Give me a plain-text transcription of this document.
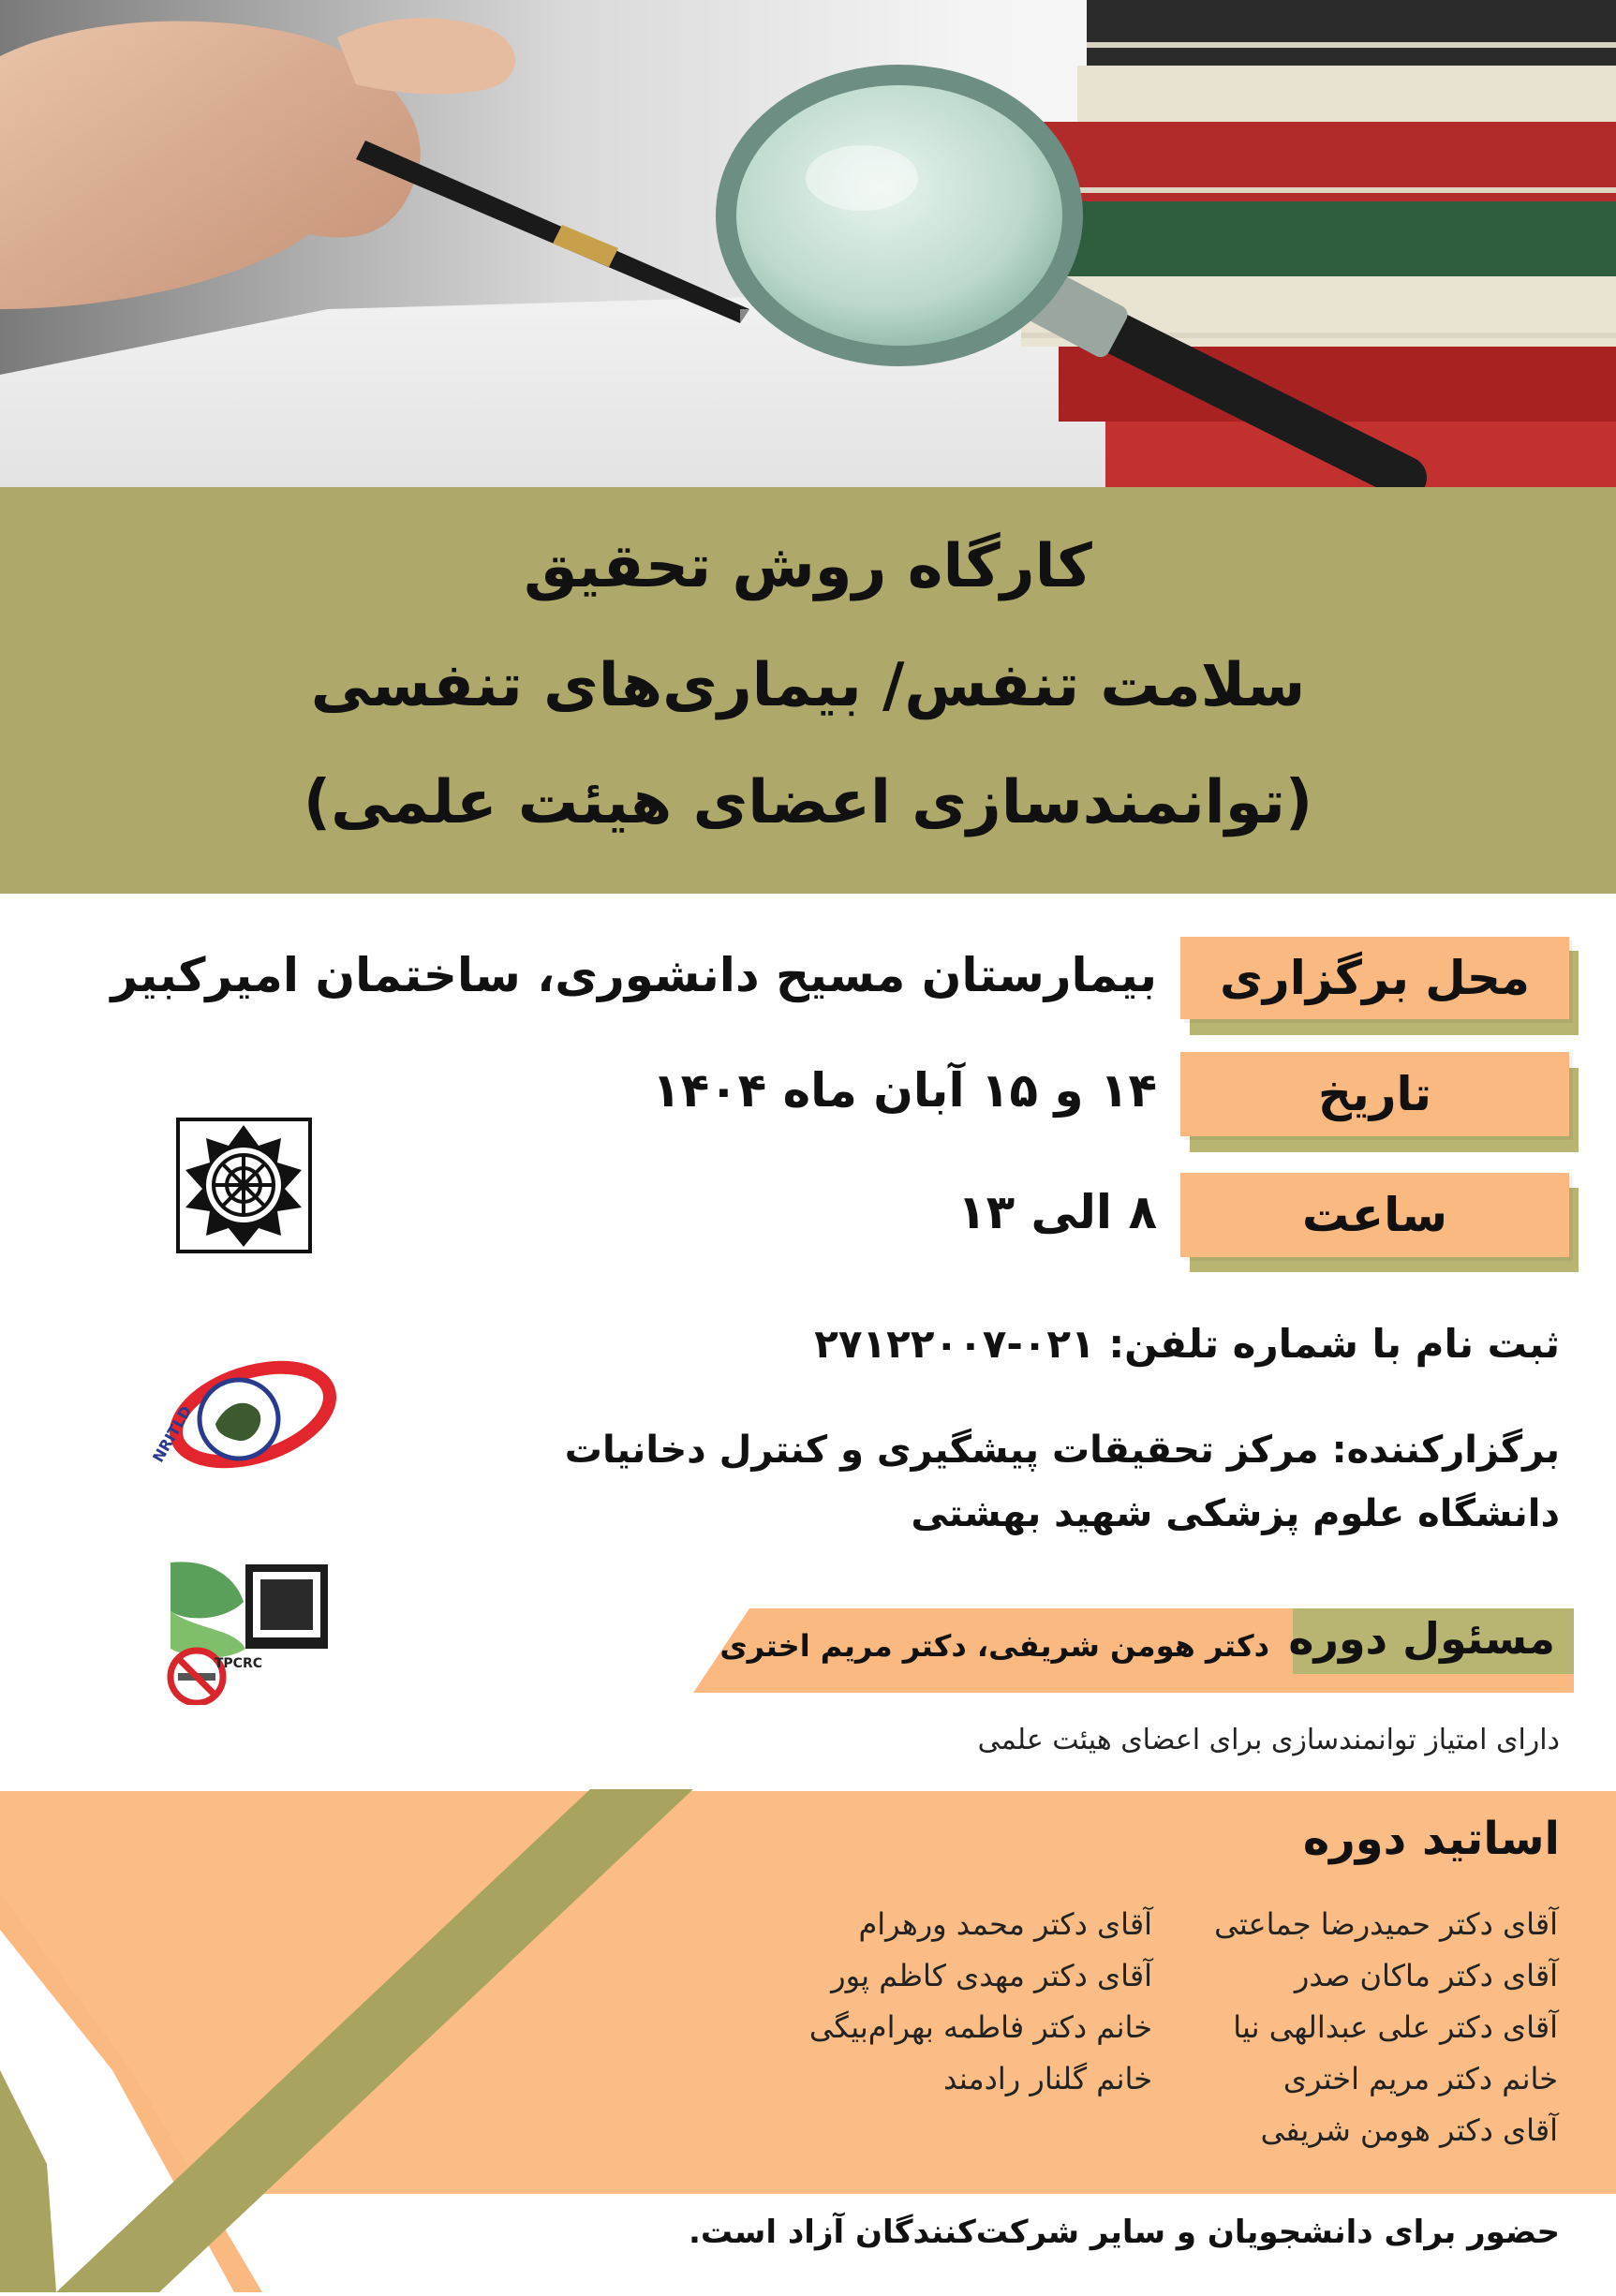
کارگاه روش تحقیق
سلامت تنفس/ بیماری‌های تنفسی
(توانمندسازی اعضای هیئت علمی)
محل برگزاری
بیمارستان مسیح دانشوری، ساختمان امیرکبیر
تاریخ
۱۴ و ۱۵ آبان ماه ۱۴۰۴
ساعت
۸ الی ۱۳
ثبت نام با شماره تلفن: ۰۲۱-۲۷۱۲۲۰۰۷
NRITLD	برگزارکننده: مرکز تحقیقات پیشگیری و کنترل دخانیات
دانشگاه علوم پزشکی شهید بهشتی
TPCRC	مسئول دوره
دکتر هومن شریفی، دکتر مریم اختری
دارای امتیاز توانمندسازی برای اعضای هیئت علمی
اساتید دوره
آقای دکتر حمیدرضا جماعتی
آقای دکتر ماکان صدر
آقای دکتر علی عبدالهی نیا
خانم دکتر مریم اختری
آقای دکتر هومن شریفی
آقای دکتر محمد ورهرام
آقای دکتر مهدی کاظم پور
خانم دکتر فاطمه بهرام‌بیگی
خانم گلنار رادمند
حضور برای دانشجویان و سایر شرکت‌کنندگان آزاد است.
